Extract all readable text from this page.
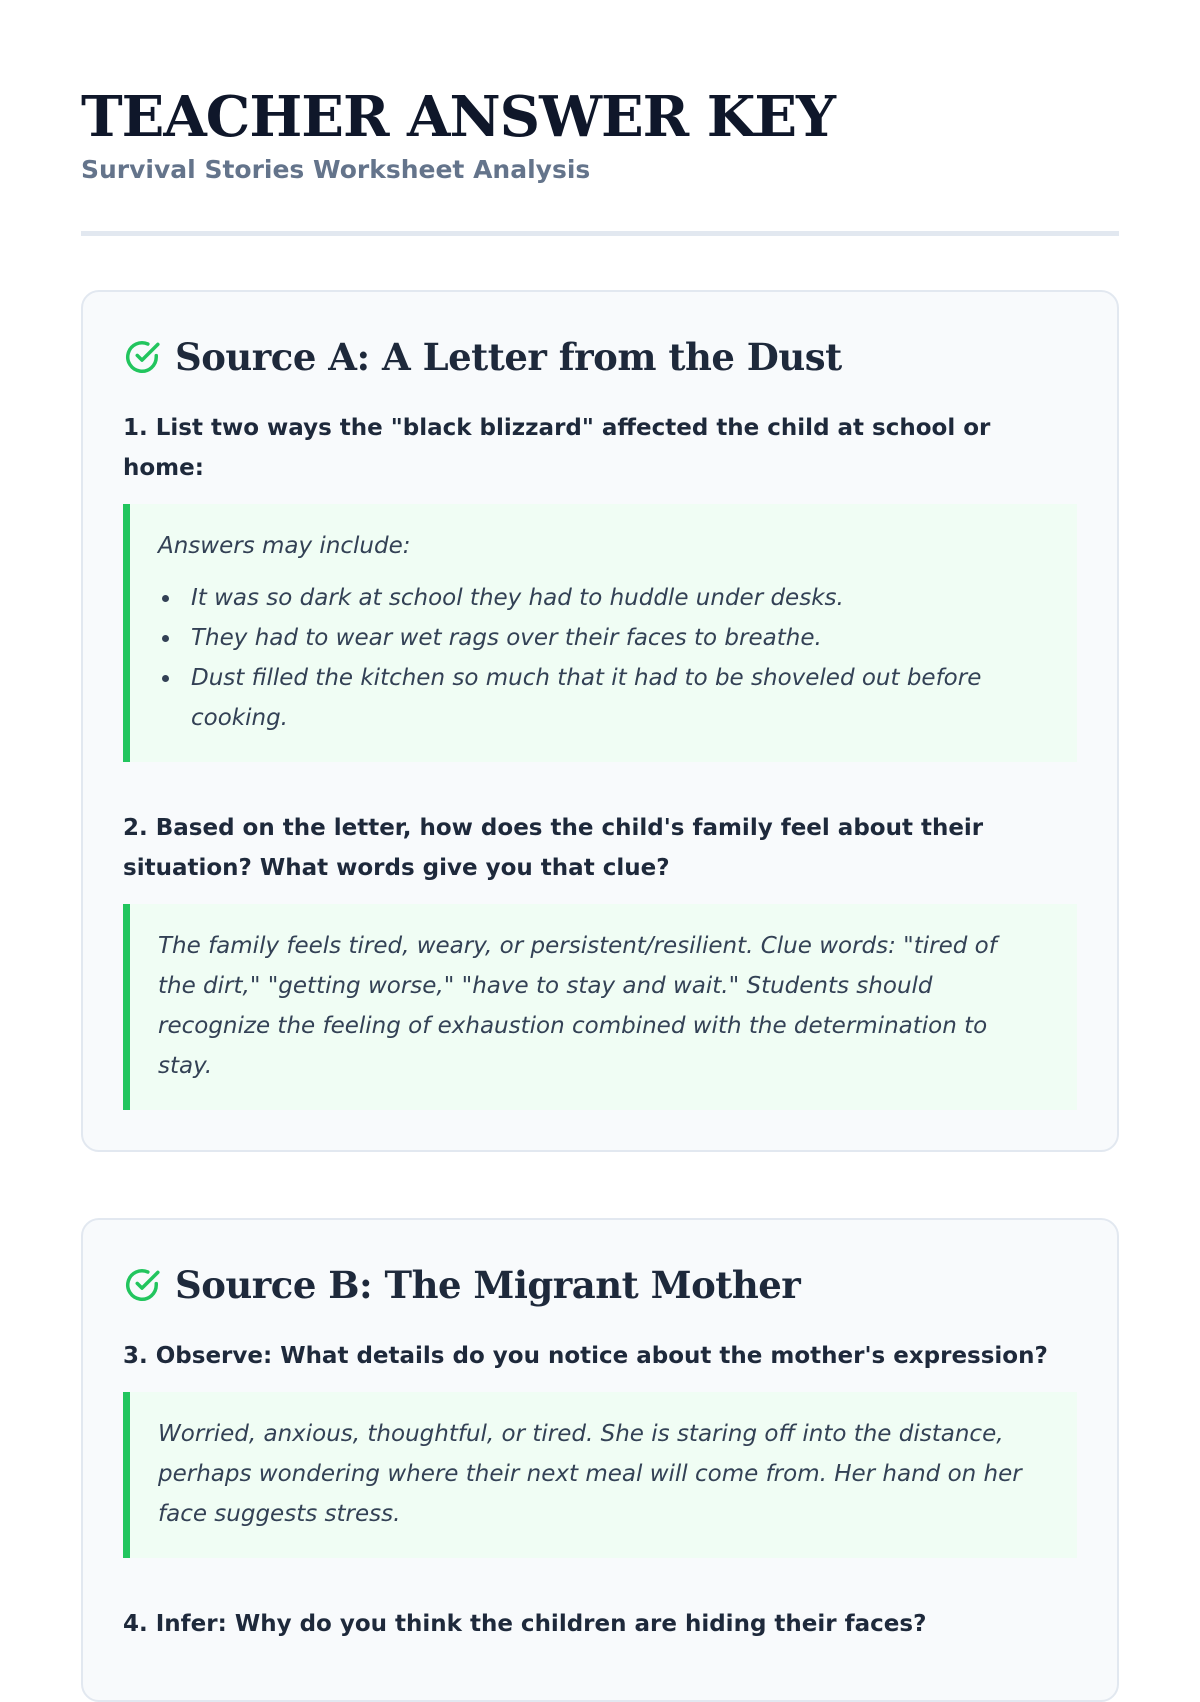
TEACHER ANSWER KEY
Survival Stories Worksheet Analysis
Source A: A Letter from the Dust
1. List two ways the "black blizzard" affected the child at school or home:
Answers may include:
It was so dark at school they had to huddle under desks.
They had to wear wet rags over their faces to breathe.
Dust filled the kitchen so much that it had to be shoveled out before cooking.
2. Based on the letter, how does the child's family feel about their situation? What words give you that clue?
The family feels tired, weary, or persistent/resilient. Clue words: "tired of the dirt," "getting worse," "have to stay and wait." Students should recognize the feeling of exhaustion combined with the determination to stay.
Source B: The Migrant Mother
3. Observe: What details do you notice about the mother's expression?
Worried, anxious, thoughtful, or tired. She is staring off into the distance, perhaps wondering where their next meal will come from. Her hand on her face suggests stress.
4. Infer: Why do you think the children are hiding their faces?
